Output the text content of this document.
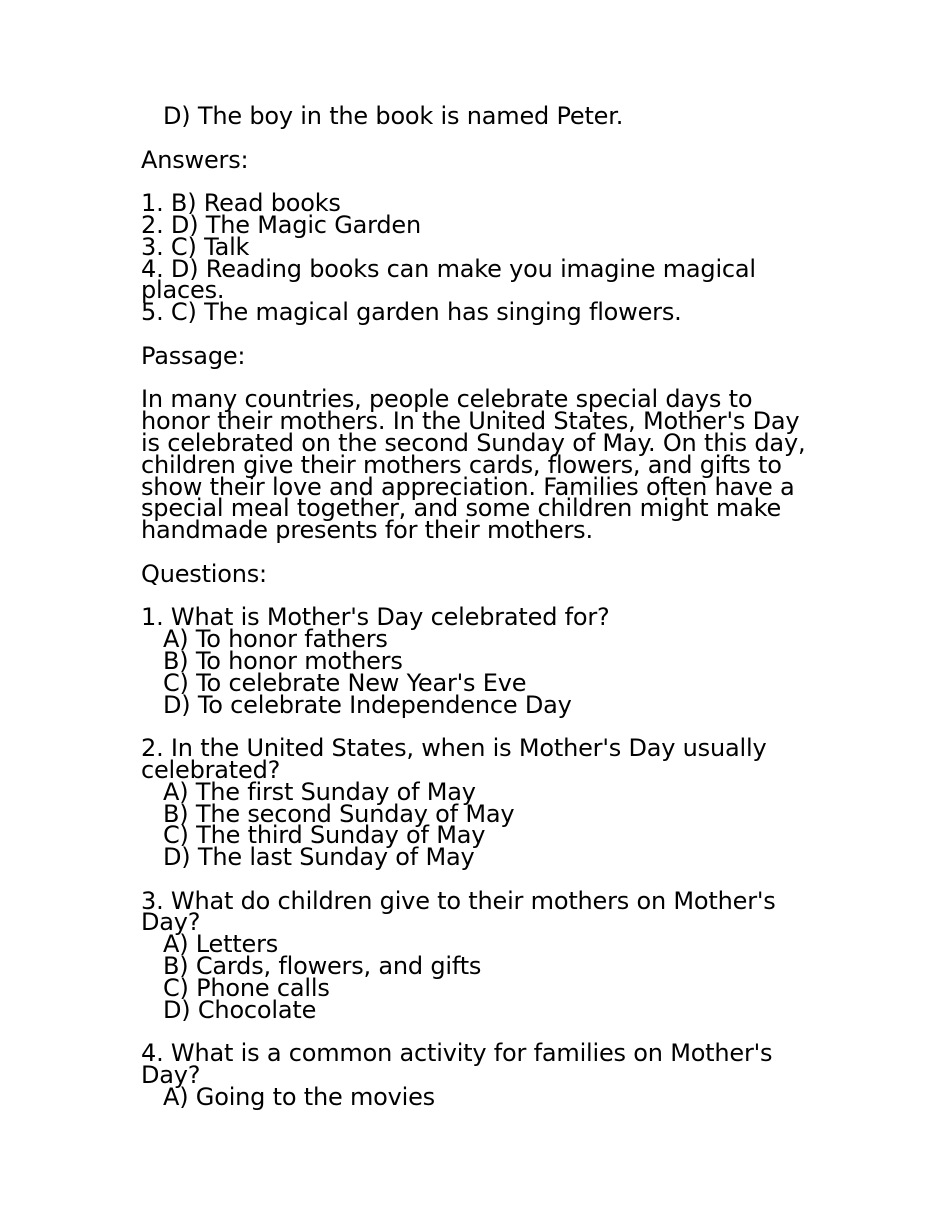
D) The boy in the book is named Peter.
Answers:
1. B) Read books
2. D) The Magic Garden
3. C) Talk
4. D) Reading books can make you imagine magical places.
5. C) The magical garden has singing flowers.
Passage:
In many countries, people celebrate special days to honor their mothers. In the United States, Mother's Day is celebrated on the second Sunday of May. On this day, children give their mothers cards, flowers, and gifts to show their love and appreciation. Families often have a special meal together, and some children might make handmade presents for their mothers.
Questions:
1. What is Mother's Day celebrated for?
A) To honor fathers
B) To honor mothers
C) To celebrate New Year's Eve
D) To celebrate Independence Day
2. In the United States, when is Mother's Day usually celebrated?
A) The first Sunday of May
B) The second Sunday of May
C) The third Sunday of May
D) The last Sunday of May
3. What do children give to their mothers on Mother's Day?
A) Letters
B) Cards, flowers, and gifts
C) Phone calls
D) Chocolate
4. What is a common activity for families on Mother's Day?
A) Going to the movies
